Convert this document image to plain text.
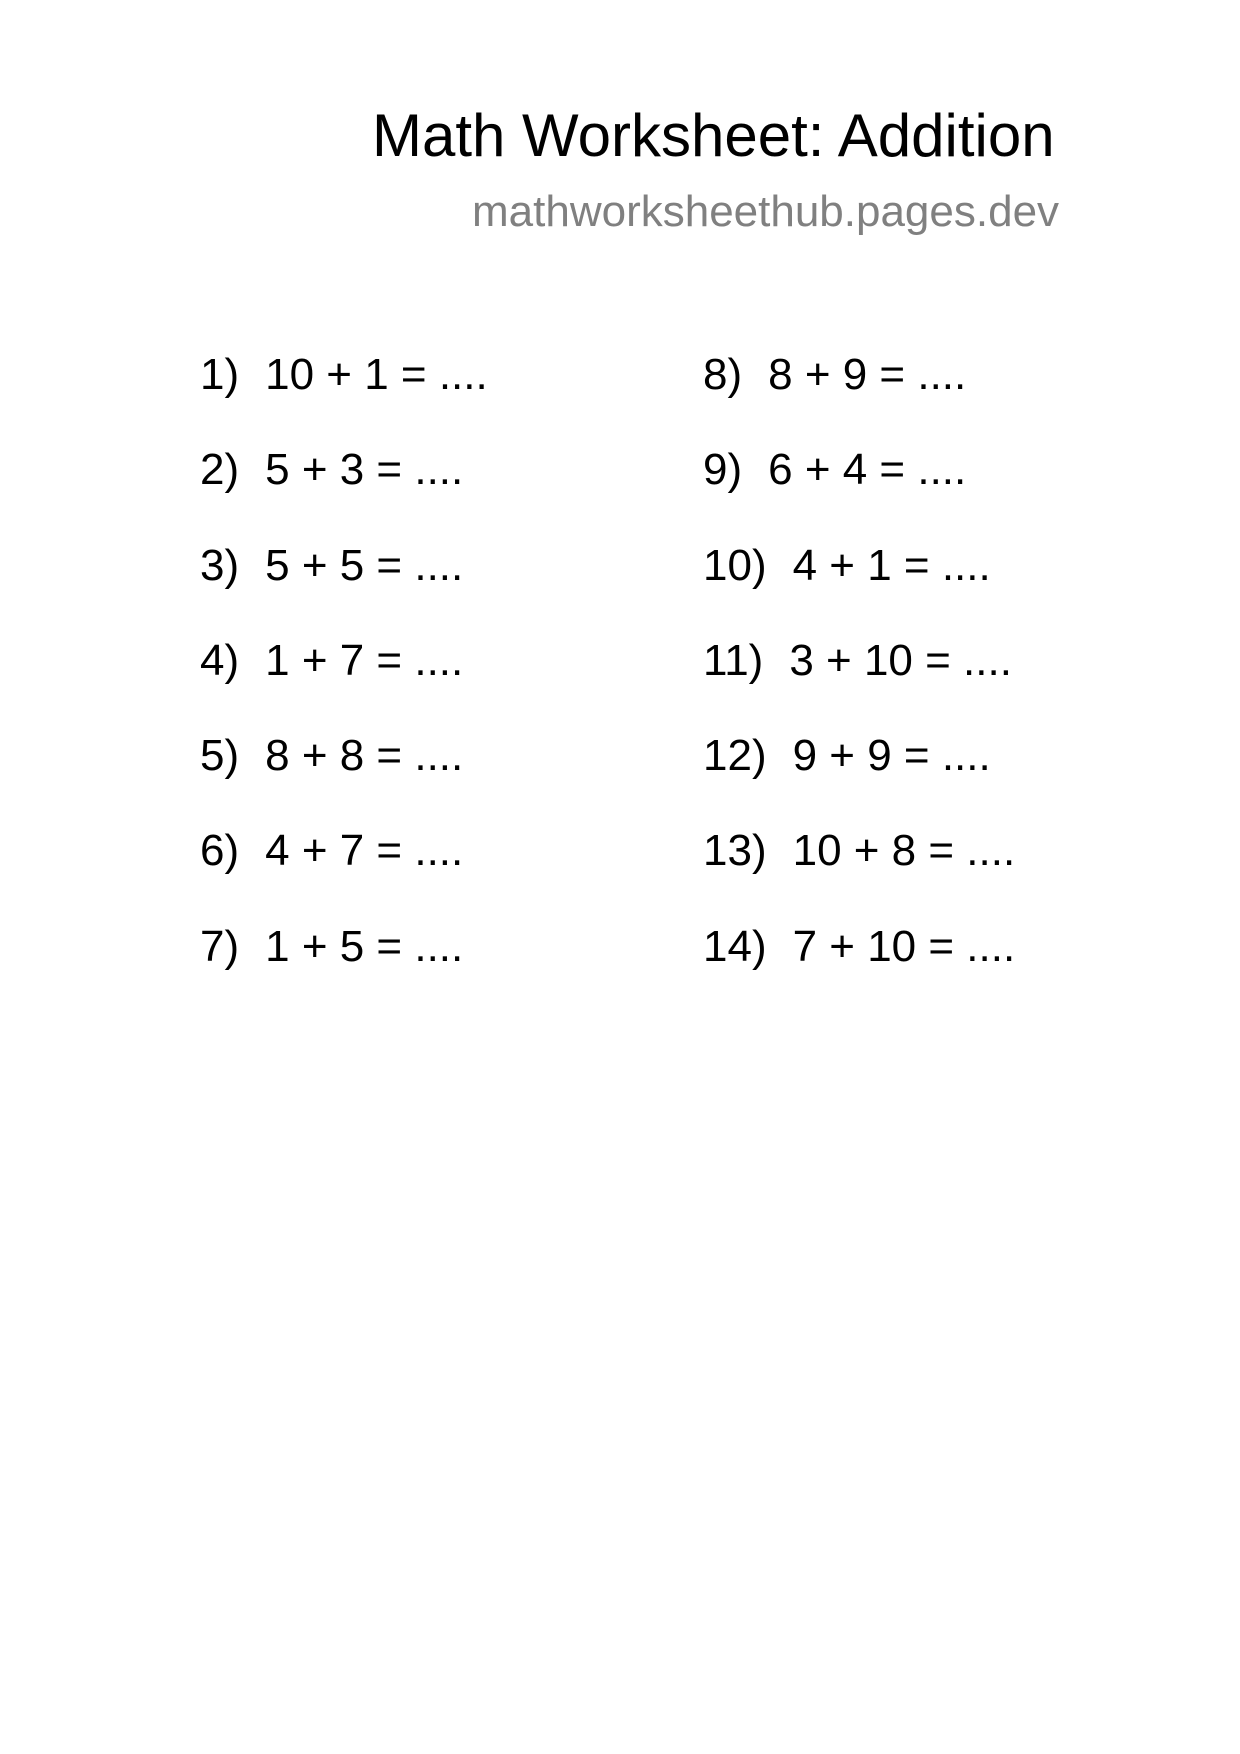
Math Worksheet: Addition
mathworksheethub.pages.dev
1) 10 + 1 = ....
2) 5 + 3 = ....
3) 5 + 5 = ....
4) 1 + 7 = ....
5) 8 + 8 = ....
6) 4 + 7 = ....
7) 1 + 5 = ....
8) 8 + 9 = ....
9) 6 + 4 = ....
10) 4 + 1 = ....
11) 3 + 10 = ....
12) 9 + 9 = ....
13) 10 + 8 = ....
14) 7 + 10 = ....
